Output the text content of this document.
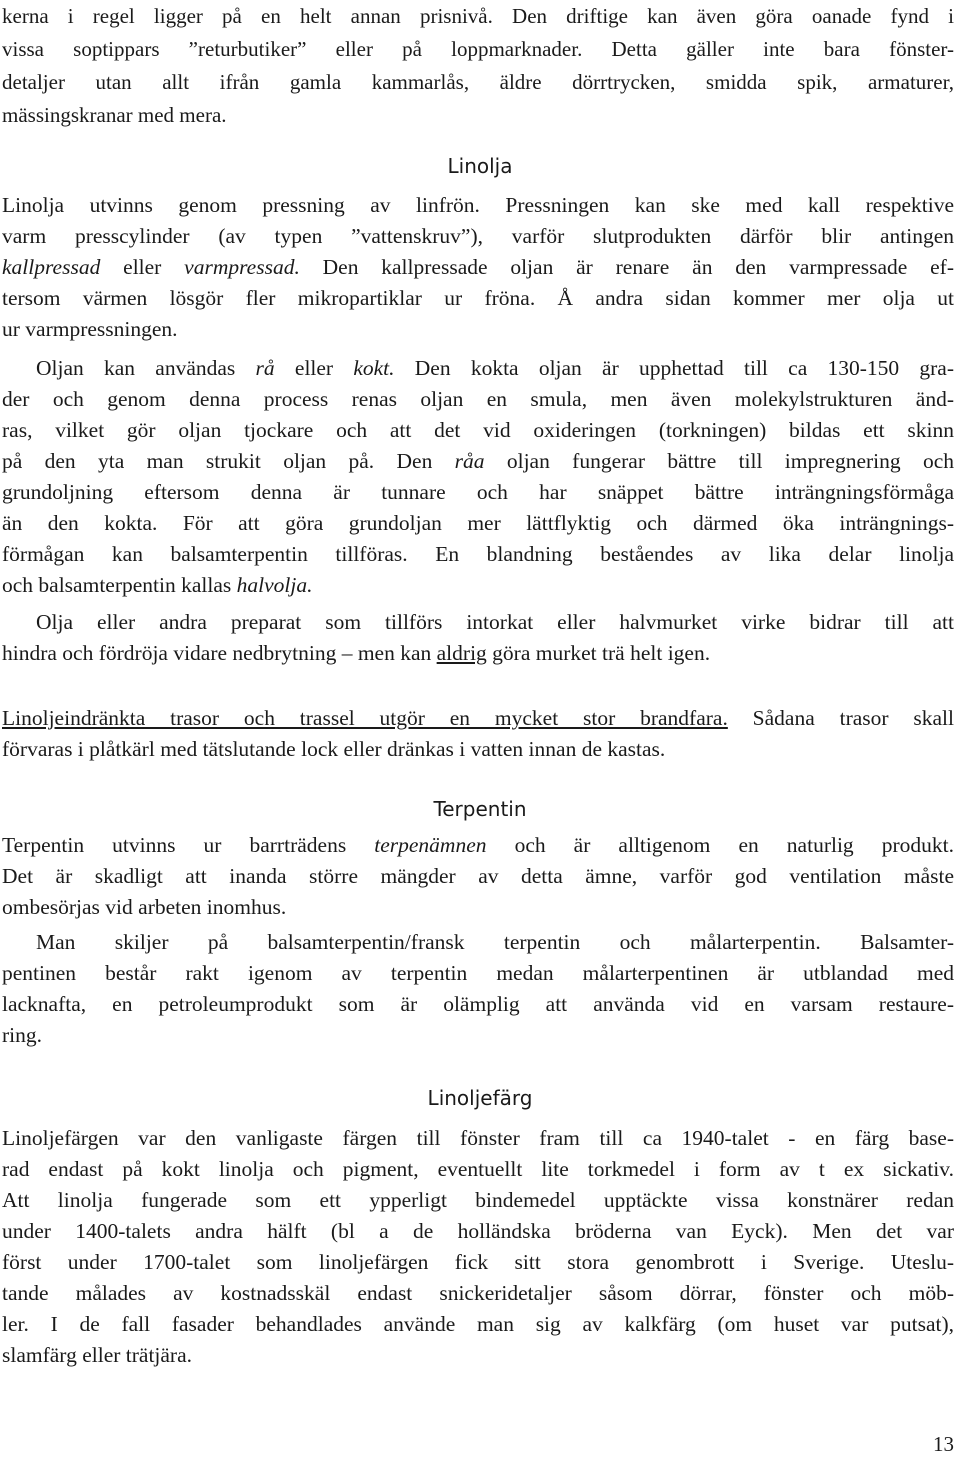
kerna i regel ligger på en helt annan prisnivå. Den driftige kan även göra oanade fynd i
vissa soptippars ”returbutiker” eller på loppmarknader. Detta gäller inte bara fönster-
detaljer utan allt ifrån gamla kammarlås, äldre dörrtrycken, smidda spik, armaturer,
mässingskranar med mera.
Linolja
Linolja utvinns genom pressning av linfrön. Pressningen kan ske med kall respektive
varm presscylinder (av typen ”vattenskruv”), varför slutprodukten därför blir antingen
kallpressad eller varmpressad. Den kallpressade oljan är renare än den varmpressade ef-
tersom värmen lösgör fler mikropartiklar ur fröna. Å andra sidan kommer mer olja ut
ur varmpressningen.
Oljan kan användas rå eller kokt. Den kokta oljan är upphettad till ca 130-150 gra-
der och genom denna process renas oljan en smula, men även molekylstrukturen änd-
ras, vilket gör oljan tjockare och att det vid oxideringen (torkningen) bildas ett skinn
på den yta man strukit oljan på. Den råa oljan fungerar bättre till impregnering och
grundoljning eftersom denna är tunnare och har snäppet bättre inträngningsförmåga
än den kokta. För att göra grundoljan mer lättflyktig och därmed öka inträngnings-
förmågan kan balsamterpentin tillföras. En blandning beståendes av lika delar linolja
och balsamterpentin kallas halvolja.
Olja eller andra preparat som tillförs intorkat eller halvmurket virke bidrar till att
hindra och fördröja vidare nedbrytning – men kan aldrig göra murket trä helt igen.
Linoljeindränkta trasor och trassel utgör en mycket stor brandfara. Sådana trasor skall
förvaras i plåtkärl med tätslutande lock eller dränkas i vatten innan de kastas.
Terpentin
Terpentin utvinns ur barrträdens terpenämnen och är alltigenom en naturlig produkt.
Det är skadligt att inanda större mängder av detta ämne, varför god ventilation måste
ombesörjas vid arbeten inomhus.
Man skiljer på balsamterpentin/fransk terpentin och målarterpentin. Balsamter-
pentinen består rakt igenom av terpentin medan målarterpentinen är utblandad med
lacknafta, en petroleumprodukt som är olämplig att använda vid en varsam restaure-
ring.
Linoljefärg
Linoljefärgen var den vanligaste färgen till fönster fram till ca 1940-talet - en färg base-
rad endast på kokt linolja och pigment, eventuellt lite torkmedel i form av t ex sickativ.
Att linolja fungerade som ett ypperligt bindemedel upptäckte vissa konstnärer redan
under 1400-talets andra hälft (bl a de holländska bröderna van Eyck). Men det var
först under 1700-talet som linoljefärgen fick sitt stora genombrott i Sverige. Uteslu-
tande målades av kostnadsskäl endast snickeridetaljer såsom dörrar, fönster och möb-
ler. I de fall fasader behandlades använde man sig av kalkfärg (om huset var putsat),
slamfärg eller trätjära.
13
